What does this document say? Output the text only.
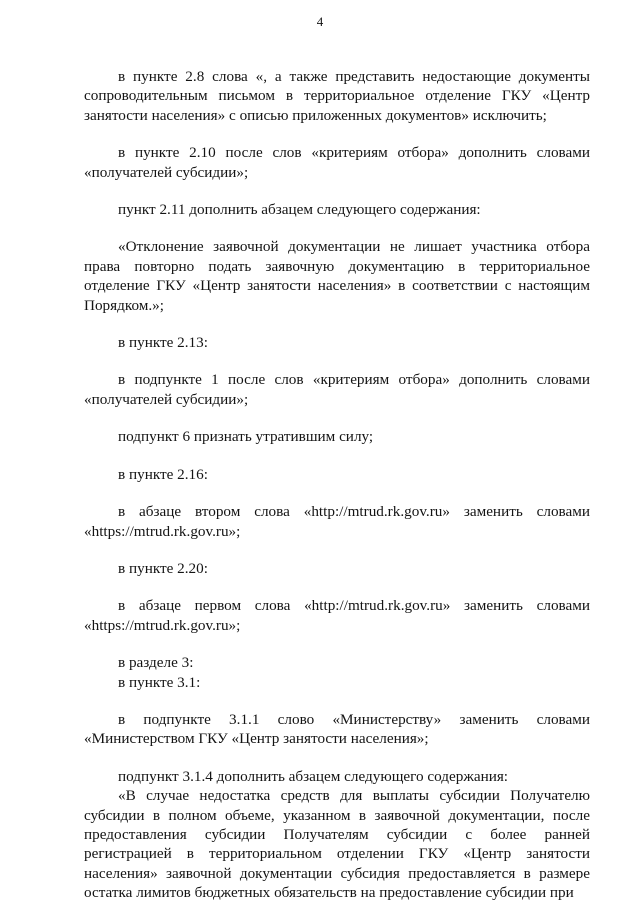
4

в пункте 2.8 слова «, а также представить недостающие документы сопроводительным письмом в территориальное отделение ГКУ «Центр занятости населения» с описью приложенных документов» исключить;

в пункте 2.10 после слов «критериям отбора» дополнить словами «получателей субсидии»;

пункт 2.11 дополнить абзацем следующего содержания:

«Отклонение заявочной документации не лишает участника отбора права повторно подать заявочную документацию в территориальное отделение ГКУ «Центр занятости населения» в соответствии с настоящим Порядком.»;

в пункте 2.13:

в подпункте 1 после слов «критериям отбора» дополнить словами «получателей субсидии»;

подпункт 6 признать утратившим силу;

в пункте 2.16:

в абзаце втором слова «http://mtrud.rk.gov.ru» заменить словами «https://mtrud.rk.gov.ru»;

в пункте 2.20:

в абзаце первом слова «http://mtrud.rk.gov.ru» заменить словами «https://mtrud.rk.gov.ru»;

в разделе 3:

в пункте 3.1:

в подпункте 3.1.1 слово «Министерству» заменить словами «Министерством ГКУ «Центр занятости населения»;

подпункт 3.1.4 дополнить абзацем следующего содержания:

«В случае недостатка средств для выплаты субсидии Получателю субсидии в полном объеме, указанном в заявочной документации, после предоставления субсидии Получателям субсидии с более ранней регистрацией в территориальном отделении ГКУ «Центр занятости населения» заявочной документации субсидия предоставляется в размере остатка лимитов бюджетных обязательств на предоставление субсидии при
